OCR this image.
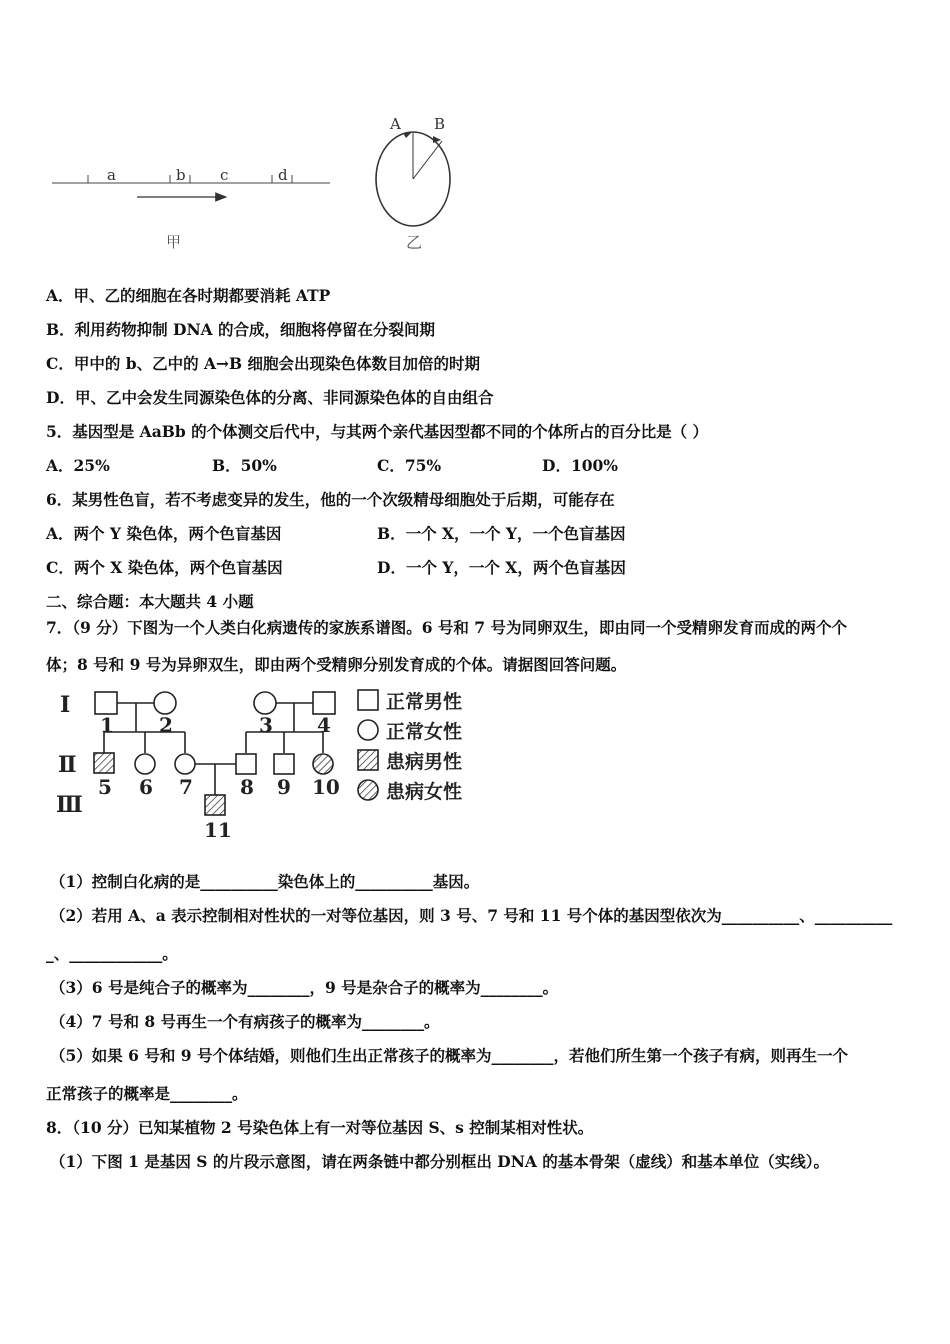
a	b c	d
甲
A B
乙
A．甲、乙的细胞在各时期都要消耗 ATP
B．利用药物抑制 DNA 的合成，细胞将停留在分裂间期
C．甲中的 b、乙中的 A→B 细胞会出现染色体数目加倍的时期
D．甲、乙中会发生同源染色体的分离、非同源染色体的自由组合
5．基因型是 AaBb 的个体测交后代中，与其两个亲代基因型都不同的个体所占的百分比是（ ）
A．25%	B．50%	C．75%	D．100%
6．某男性色盲，若不考虑变异的发生，他的一个次级精母细胞处于后期，可能存在
A．两个 Y 染色体，两个色盲基因	B．一个 X，一个 Y，一个色盲基因
C．两个 X 染色体，两个色盲基因	D．一个 Y，一个 X，两个色盲基因
二、综合题：本大题共 4 小题
7．（9 分）下图为一个人类白化病遗传的家族系谱图。6 号和 7 号为同卵双生，即由同一个受精卵发育而成的两个个
体；8 号和 9 号为异卵双生，即由两个受精卵分别发育成的个体。请据图回答问题。
Ⅰ
Ⅱ
Ⅲ
1 2	3 4
5 6 7 8 9 10
11
正常男性
正常女性
患病男性
患病女性
（1）控制白化病的是__________染色体上的__________基因。
（2）若用 A、a 表示控制相对性状的一对等位基因，则 3 号、7 号和 11 号个体的基因型依次为__________、__________
_、____________。
（3）6 号是纯合子的概率为________，9 号是杂合子的概率为________。
（4）7 号和 8 号再生一个有病孩子的概率为________。
（5）如果 6 号和 9 号个体结婚，则他们生出正常孩子的概率为________，若他们所生第一个孩子有病，则再生一个
正常孩子的概率是________。
8．（10 分）已知某植物 2 号染色体上有一对等位基因 S、s 控制某相对性状。
（1）下图 1 是基因 S 的片段示意图，请在两条链中都分别框出 DNA 的基本骨架（虚线）和基本单位（实线）。
